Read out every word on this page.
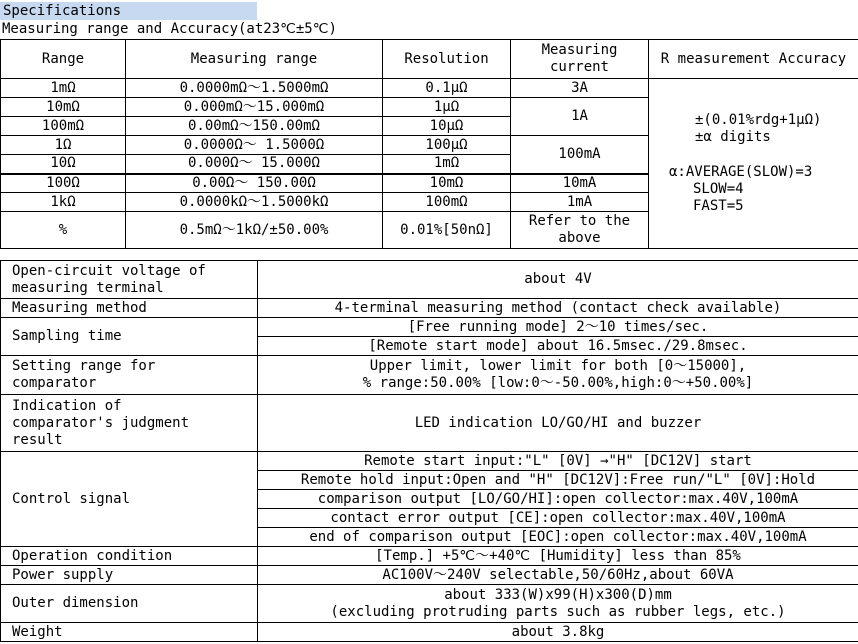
Specifications
Measuring range and Accuracy(at23℃±5℃)
Range	Measuring range	Resolution	Measuring
current	R measurement Accuracy
1mΩ	0.0000mΩ～1.5000mΩ	0.1μΩ	3A	±(0.01%rdg+1μΩ)
±α digits
α:AVERAGE(SLOW)=3
SLOW=4
FAST=5

10mΩ	0.000mΩ～15.000mΩ	1μΩ	1A	
100mΩ	0.00mΩ～150.00mΩ	10μΩ		
1Ω	0.0000Ω～ 1.5000Ω	100μΩ	100mA	
10Ω	0.000Ω～ 15.000Ω	1mΩ		
100Ω	0.00Ω～ 150.00Ω	10mΩ	10mA	
1kΩ	0.0000kΩ～1.5000kΩ	100mΩ	1mA	
%	0.5mΩ～1kΩ/±50.00%	0.01%[50nΩ]	Refer to the
above	
Open-circuit voltage of
measuring terminal	about 4V
Measuring method	4-terminal measuring method (contact check available)
Sampling time	[Free running mode] 2～10 times/sec.
	[Remote start mode] about 16.5msec./29.8msec.

Setting range for
comparator	Upper limit, lower limit for both [0～15000],
% range:50.00% [low:0～-50.00%,high:0～+50.00%]

Indication of
comparator's judgment
result	LED indication LO/GO/HI and buzzer
Control signal	Remote start input:"L" [0V] →"H" [DC12V] start
	Remote hold input:Open and "H" [DC12V]:Free run/"L" [0V]:Hold
	comparison output [LO/GO/HI]:open collector:max.40V,100mA
	contact error output [CE]:open collector:max.40V,100mA
	end of comparison output [EOC]:open collector:max.40V,100mA
Operation condition	[Temp.] +5℃～+40℃ [Humidity] less than 85%
Power supply	AC100V～240V selectable,50/60Hz,about 60VA
Outer dimension	about 333(W)x99(H)x300(D)mm
(excluding protruding parts such as rubber legs, etc.)

Weight	about 3.8kg
